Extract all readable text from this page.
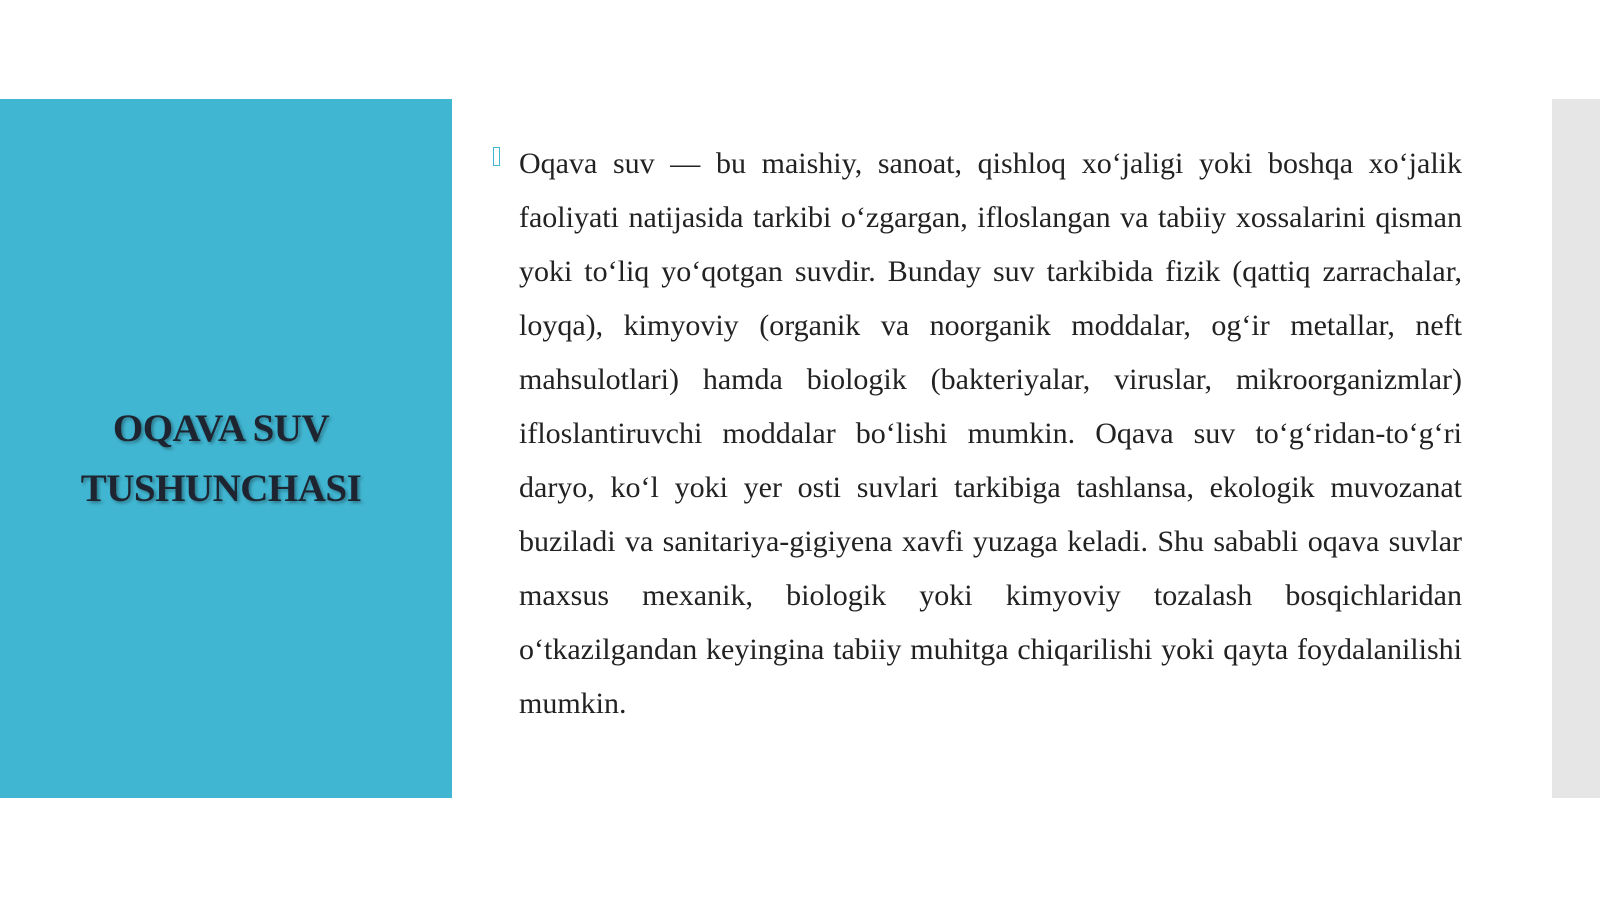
OQAVA SUV
TUSHUNCHASI

Oqava suv — bu maishiy, sanoat, qishloq xo‘jaligi yoki boshqa xo‘jalik faoliyati natijasida tarkibi o‘zgargan, ifloslangan va tabiiy xossalarini qisman yoki to‘liq yo‘qotgan suvdir. Bunday suv tarkibida fizik (qattiq zarrachalar, loyqa), kimyoviy (organik va noorganik moddalar, og‘ir metallar, neft mahsulotlari) hamda biologik (bakteriyalar, viruslar, mikroorganizmlar) ifloslantiruvchi moddalar bo‘lishi mumkin. Oqava suv to‘g‘ridan-to‘g‘ri daryo, ko‘l yoki yer osti suvlari tarkibiga tashlansa, ekologik muvozanat buziladi va sanitariya-gigiyena xavfi yuzaga keladi. Shu sababli oqava suvlar maxsus mexanik, biologik yoki kimyoviy tozalash bosqichlaridan o‘tkazilgandan keyingina tabiiy muhitga chiqarilishi yoki qayta foydalanilishi mumkin.
